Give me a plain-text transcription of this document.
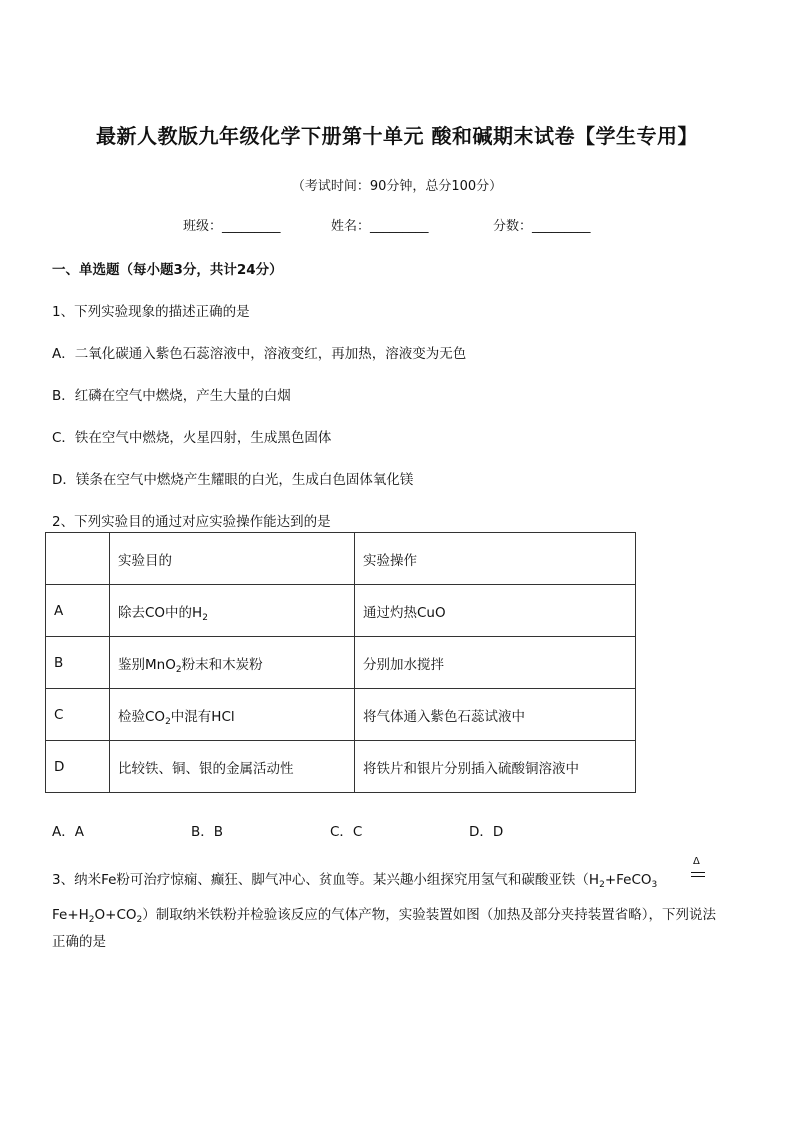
最新人教版九年级化学下册第十单元 酸和碱期末试卷【学生专用】
（考试时间：90分钟，总分100分）
班级：_________	姓名：_________	分数：_________
一、单选题（每小题3分，共计24分）
1、下列实验现象的描述正确的是
A．二氧化碳通入紫色石蕊溶液中，溶液变红，再加热，溶液变为无色
B．红磷在空气中燃烧，产生大量的白烟
C．铁在空气中燃烧，火星四射，生成黑色固体
D．镁条在空气中燃烧产生耀眼的白光，生成白色固体氧化镁
2、下列实验目的通过对应实验操作能达到的是
	实验目的	实验操作
A	除去CO中的$H_2$	通过灼热CuO
B	鉴别MnO$_2$粉末和木炭粉	分别加水搅拌
C	检验$CO_2$中混有HCl	将气体通入紫色石蕊试液中
D	比较铁、铜、银的金属活动性	将铁片和银片分别插入硫酸铜溶液中
A．A	B．B	C．C	D．D
3、纳米Fe粉可治疗惊痫、癫狂、脚气冲心、贫血等。某兴趣小组探究用氢气和碳酸亚铁（$H_2+FeCO_3$
Δ
$Fe+H_2O+CO_2$）制取纳米铁粉并检验该反应的气体产物，实验装置如图（加热及部分夹持装置省略），下列说法
正确的是
